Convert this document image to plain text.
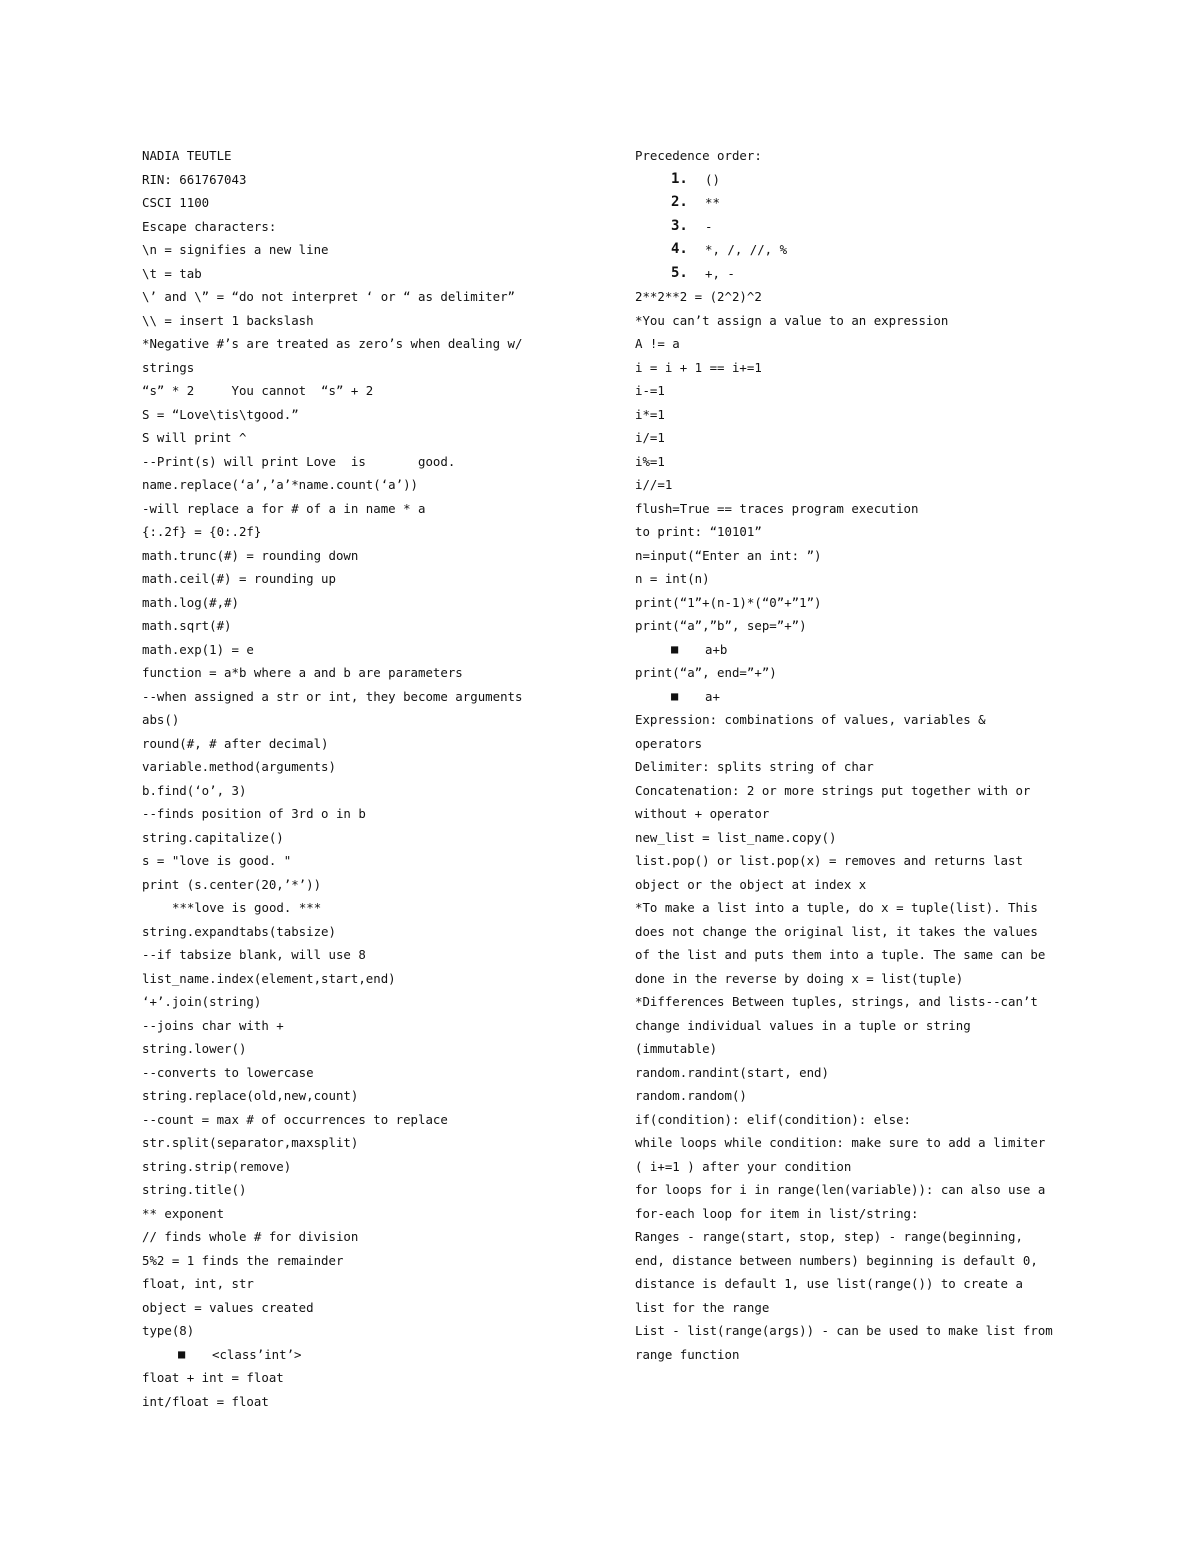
NADIA TEUTLE
RIN: 661767043
CSCI 1100
Escape characters:
\n = signifies a new line
\t = tab
\’ and \” = “do not interpret ‘ or “ as delimiter”
\\ = insert 1 backslash
*Negative #’s are treated as zero’s when dealing w/
strings
“s” * 2     You cannot  “s” + 2
S = “Love\tis\tgood.”
S will print ^
--Print(s) will print Love  is       good.
name.replace(‘a’,’a’*name.count(‘a’))
-will replace a for # of a in name * a
{:.2f} = {0:.2f}
math.trunc(#) = rounding down
math.ceil(#) = rounding up
math.log(#,#)
math.sqrt(#)
math.exp(1) = e
function = a*b where a and b are parameters
--when assigned a str or int, they become arguments
abs()
round(#, # after decimal)
variable.method(arguments)
b.find(‘o’, 3)
--finds position of 3rd o in b
string.capitalize()
s = "love is good. "
print (s.center(20,’*’))
***love is good. ***
string.expandtabs(tabsize)
--if tabsize blank, will use 8
list_name.index(element,start,end)
‘+’.join(string)
--joins char with +
string.lower()
--converts to lowercase
string.replace(old,new,count)
--count = max # of occurrences to replace
str.split(separator,maxsplit)
string.strip(remove)
string.title()
** exponent
// finds whole # for division
5%2 = 1 finds the remainder
float, int, str
object = values created
type(8)
■	<class’int’>
float + int = float
int/float = float
Precedence order:
1.	()
2.	**
3.	-
4.	*, /, //, %
5.	+, -
2**2**2 = (2^2)^2
*You can’t assign a value to an expression
A != a
i = i + 1 == i+=1
i-=1
i*=1
i/=1
i%=1
i//=1
flush=True == traces program execution
to print: “10101”
n=input(“Enter an int: ”)
n = int(n)
print(“1”+(n-1)*(“0”+”1”)
print(“a”,”b”, sep=”+”)
■	a+b
print(“a”, end=”+”)
■	a+
Expression: combinations of values, variables &
operators
Delimiter: splits string of char
Concatenation: 2 or more strings put together with or
without + operator
new_list = list_name.copy()
list.pop() or list.pop(x) = removes and returns last
object or the object at index x
*To make a list into a tuple, do x = tuple(list). This
does not change the original list, it takes the values
of the list and puts them into a tuple. The same can be
done in the reverse by doing x = list(tuple)
*Differences Between tuples, strings, and lists--can’t
change individual values in a tuple or string
(immutable)
random.randint(start, end)
random.random()
if(condition): elif(condition): else:
while loops while condition: make sure to add a limiter
( i+=1 ) after your condition
for loops for i in range(len(variable)): can also use a
for-each loop for item in list/string:
Ranges - range(start, stop, step) - range(beginning,
end, distance between numbers) beginning is default 0,
distance is default 1, use list(range()) to create a
list for the range
List - list(range(args)) - can be used to make list from
range function
